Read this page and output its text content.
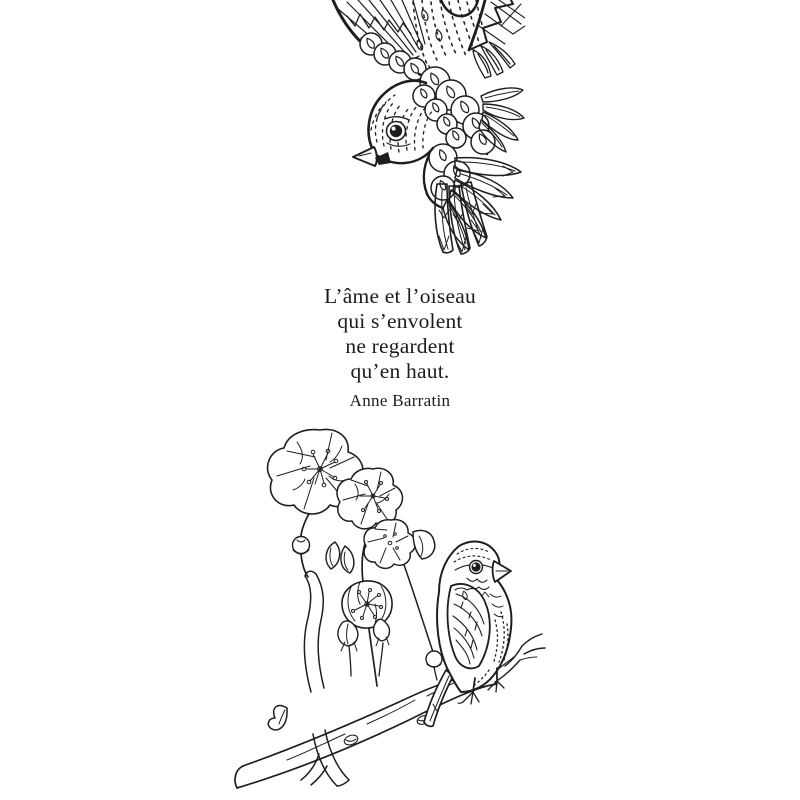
L’âme et l’oiseau

qui s’envolent

ne regardent

qu’en haut.

Anne Barratin
